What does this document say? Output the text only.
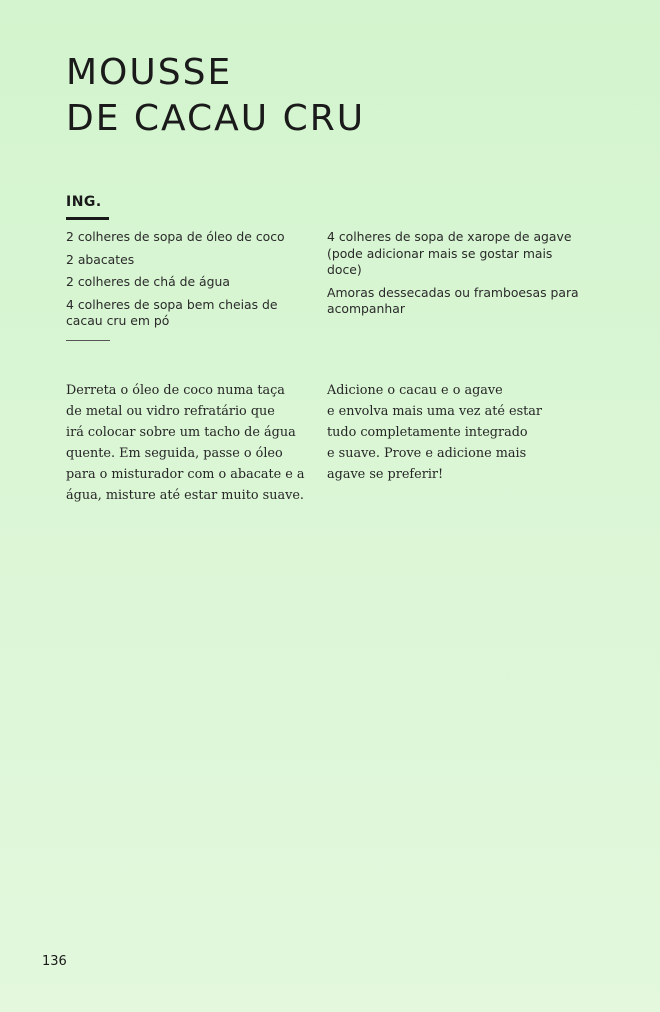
MOUSSE
DE CACAU CRU
ING.
2 colheres de sopa de óleo de coco
2 abacates
2 colheres de chá de água
4 colheres de sopa bem cheias de cacau cru em pó
4 colheres de sopa de xarope de agave (pode adicionar mais se gostar mais doce)
Amoras dessecadas ou framboesas para acompanhar

Derreta o óleo de coco numa taça
de metal ou vidro refratário que
irá colocar sobre um tacho de água
quente. Em seguida, passe o óleo
para o misturador com o abacate e a
água, misture até estar muito suave.

Adicione o cacau e o agave
e envolva mais uma vez até estar
tudo completamente integrado
e suave. Prove e adicione mais
agave se preferir!

136
